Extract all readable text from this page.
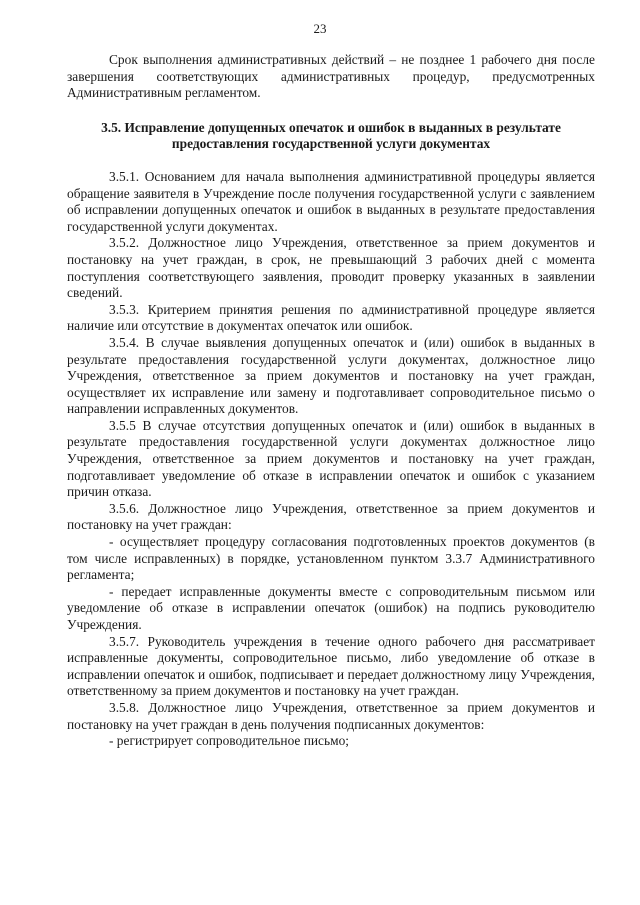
23

Срок выполнения административных действий – не позднее 1 рабочего дня после завершения соответствующих административных процедур, предусмотренных Административным регламентом.

3.5. Исправление допущенных опечаток и ошибок в выданных в результате предоставления государственной услуги документах

3.5.1. Основанием для начала выполнения административной процедуры является обращение заявителя в Учреждение после получения государственной услуги с заявлением об исправлении допущенных опечаток и ошибок в выданных в результате предоставления государственной услуги документах.

3.5.2. Должностное лицо Учреждения, ответственное за прием документов и постановку на учет граждан, в срок, не превышающий 3 рабочих дней с момента поступления соответствующего заявления, проводит проверку указанных в заявлении сведений.

3.5.3. Критерием принятия решения по административной процедуре является наличие или отсутствие в документах опечаток или ошибок.

3.5.4. В случае выявления допущенных опечаток и (или) ошибок в выданных в результате предоставления государственной услуги документах, должностное лицо Учреждения, ответственное за прием документов и постановку на учет граждан, осуществляет их исправление или замену и подготавливает сопроводительное письмо о направлении исправленных документов.

3.5.5 В случае отсутствия допущенных опечаток и (или) ошибок в выданных в результате предоставления государственной услуги документах должностное лицо Учреждения, ответственное за прием документов и постановку на учет граждан, подготавливает уведомление об отказе в исправлении опечаток и ошибок с указанием причин отказа.

3.5.6. Должностное лицо Учреждения, ответственное за прием документов и постановку на учет граждан:

- осуществляет процедуру согласования подготовленных проектов документов (в том числе исправленных) в порядке, установленном пунктом 3.3.7 Административного регламента;

- передает исправленные документы вместе с сопроводительным письмом или уведомление об отказе в исправлении опечаток (ошибок) на подпись руководителю Учреждения.

3.5.7. Руководитель учреждения в течение одного рабочего дня рассматривает исправленные документы, сопроводительное письмо, либо уведомление об отказе в исправлении опечаток и ошибок, подписывает и передает должностному лицу Учреждения, ответственному за прием документов и постановку на учет граждан.

3.5.8. Должностное лицо Учреждения, ответственное за прием документов и постановку на учет граждан в день получения подписанных документов:

- регистрирует сопроводительное письмо;
